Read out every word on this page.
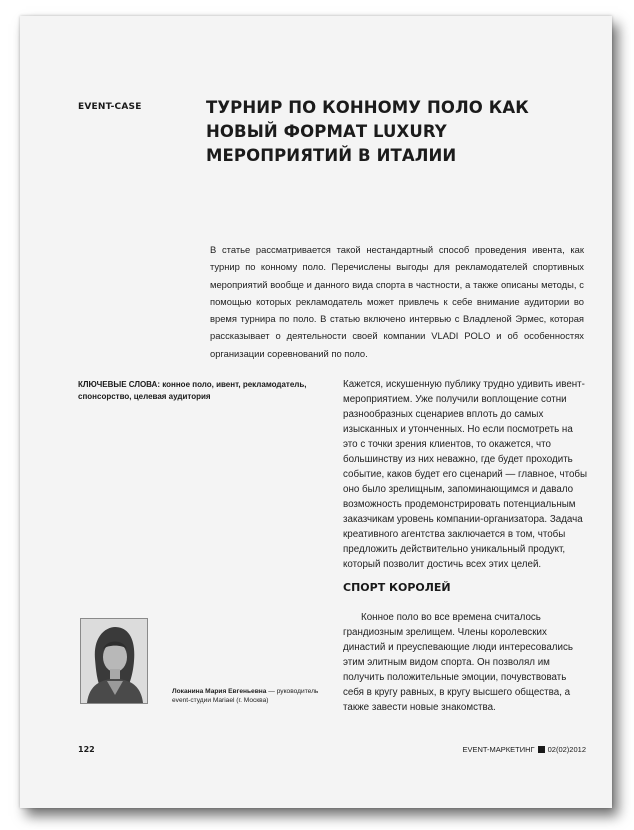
EVENT-CASE	ТУРНИР ПО КОННОМУ ПОЛО КАК НОВЫЙ ФОРМАТ LUXURY МЕРОПРИЯТИЙ В ИТАЛИИ

В статье рассматривается такой нестандартный способ проведения ивента, как турнир по конному поло. Перечислены выгоды для рекламодателей спортивных мероприятий вообще и данного вида спорта в частности, а также описаны методы, с помощью которых рекламодатель может привлечь к себе внимание аудитории во время турнира по поло. В статью включено интервью с Владленой Эрмес, которая рассказывает о деятельности своей компании VLADI POLO и об особенностях организации соревнований по поло.

КЛЮЧЕВЫЕ СЛОВА: конное поло, ивент, рекламодатель, спонсорство, целевая аудитория

Кажется, искушенную публику трудно удивить ивент-мероприятием. Уже получили воплощение сотни разнообразных сценариев вплоть до самых изысканных и утонченных. Но если посмотреть на это с точки зрения клиентов, то окажется, что большинству из них неважно, где будет проходить событие, каков будет его сценарий — главное, чтобы оно было зрелищным, запоминающимся и давало возможность продемонстрировать потенциальным заказчикам уровень компании-организатора. Задача креативного агентства заключается в том, чтобы предложить действительно уникальный продукт, который позволит достичь всех этих целей.

СПОРТ КОРОЛЕЙ

Конное поло во все времена считалось грандиозным зрелищем. Члены королевских династий и преуспевающие люди интересовались этим элитным видом спорта. Он позволял им получить положительные эмоции, почувствовать себя в кругу равных, в кругу высшего общества, а также завести новые знакомства.

Локанина Мария Евгеньевна — руководитель event-студии Mariael (г. Москва)

122	EVENT-МАРКЕТИНГ 02(02)2012
